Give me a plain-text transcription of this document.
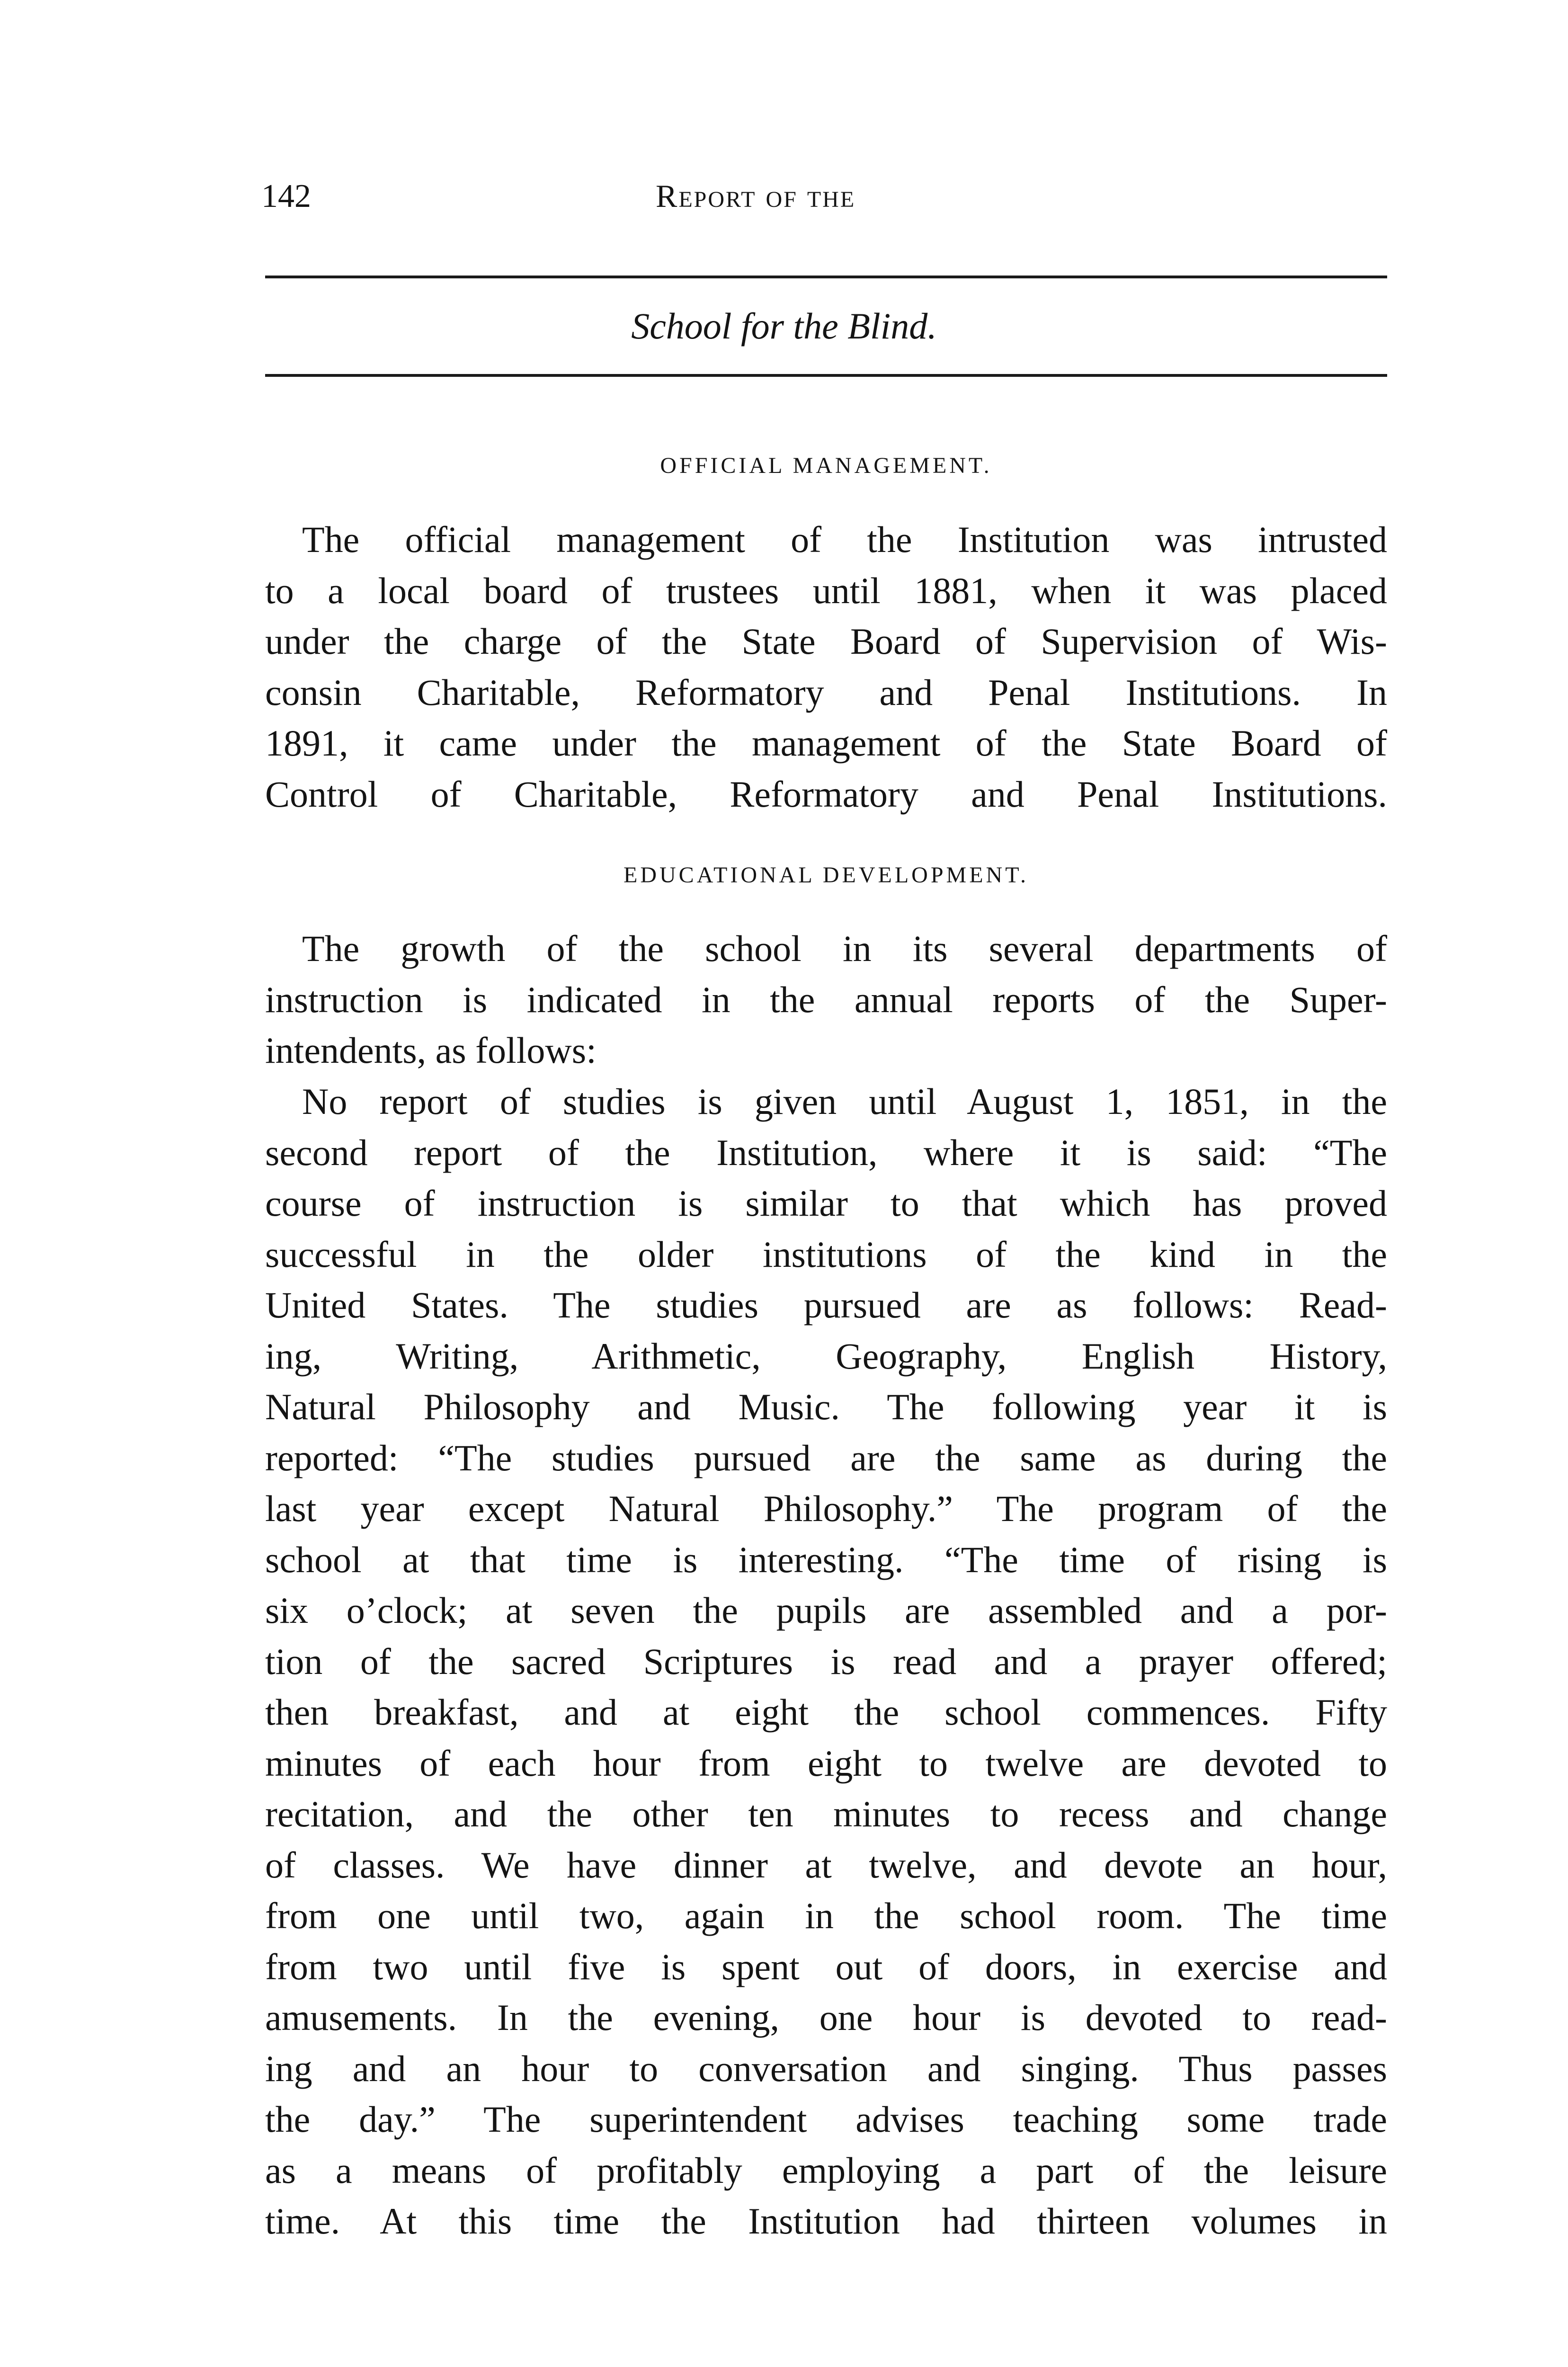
142	Report of the
School for the Blind.
OFFICIAL MANAGEMENT.
The official management of the Institution was intrusted
to a local board of trustees until 1881, when it was placed
under the charge of the State Board of Supervision of Wis-
consin Charitable, Reformatory and Penal Institutions. In
1891, it came under the management of the State Board of
Control of Charitable, Reformatory and Penal Institutions.
EDUCATIONAL DEVELOPMENT.
The growth of the school in its several departments of
instruction is indicated in the annual reports of the Super-
intendents, as follows:
No report of studies is given until August 1, 1851, in the
second report of the Institution, where it is said: “The
course of instruction is similar to that which has proved
successful in the older institutions of the kind in the
United States. The studies pursued are as follows: Read-
ing, Writing, Arithmetic, Geography, English History,
Natural Philosophy and Music. The following year it is
reported: “The studies pursued are the same as during the
last year except Natural Philosophy.” The program of the
school at that time is interesting. “The time of rising is
six o’clock; at seven the pupils are assembled and a por-
tion of the sacred Scriptures is read and a prayer offered;
then breakfast, and at eight the school commences. Fifty
minutes of each hour from eight to twelve are devoted to
recitation, and the other ten minutes to recess and change
of classes. We have dinner at twelve, and devote an hour,
from one until two, again in the school room. The time
from two until five is spent out of doors, in exercise and
amusements. In the evening, one hour is devoted to read-
ing and an hour to conversation and singing. Thus passes
the day.” The superintendent advises teaching some trade
as a means of profitably employing a part of the leisure
time. At this time the Institution had thirteen volumes in
